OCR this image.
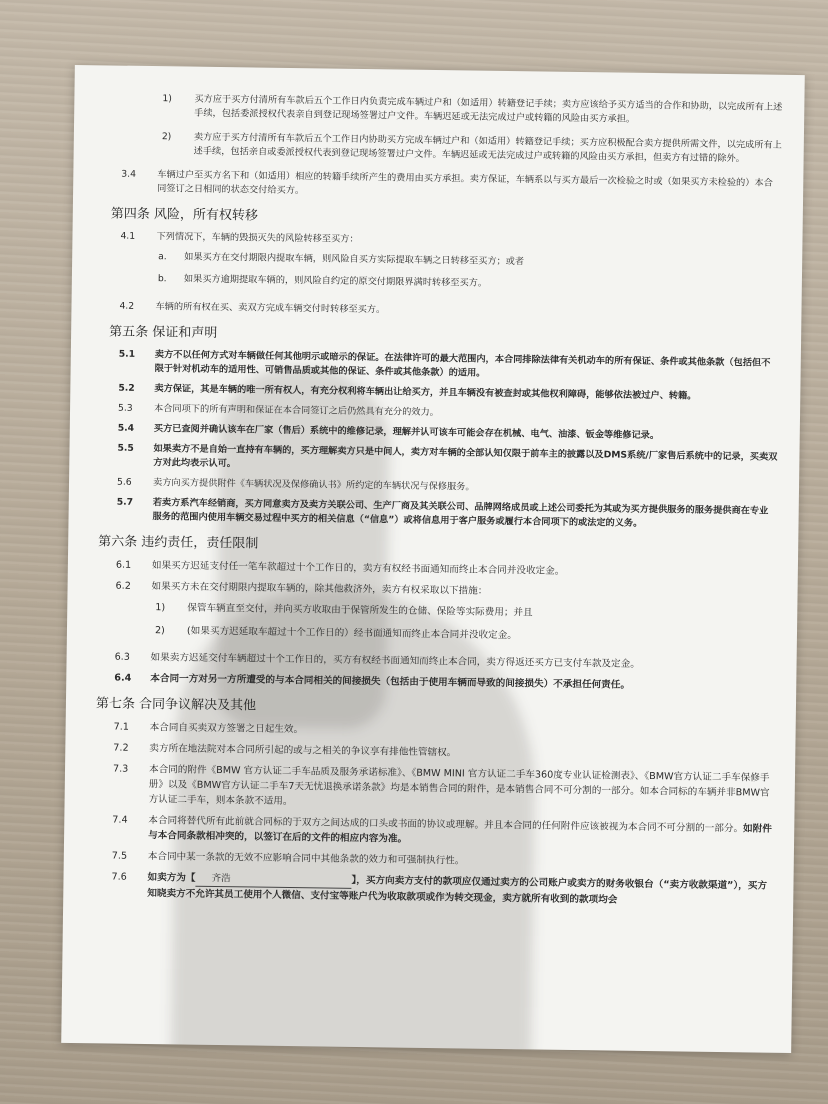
1) 买方应于买方付清所有车款后五个工作日内负责完成车辆过户和（如适用）转籍登记手续；卖方应该给予买方适当的合作和协助，以完成所有上述手续，包括委派授权代表亲自到登记现场签署过户文件。车辆迟延或无法完成过户或转籍的风险由买方承担。
2) 卖方应于买方付清所有车款后五个工作日内协助买方完成车辆过户和（如适用）转籍登记手续；买方应积极配合卖方提供所需文件，以完成所有上述手续，包括亲自或委派授权代表到登记现场签署过户文件。车辆迟延或无法完成过户或转籍的风险由买方承担，但卖方有过错的除外。
3.4 车辆过户至买方名下和（如适用）相应的转籍手续所产生的费用由买方承担。卖方保证，车辆系以与买方最后一次检验之时或（如果买方未检验的）本合同签订之日相同的状态交付给买方。
第四条 风险，所有权转移
4.1 下列情况下，车辆的毁损灭失的风险转移至买方：
a. 如果买方在交付期限内提取车辆，则风险自买方实际提取车辆之日转移至买方；或者
b. 如果买方逾期提取车辆的，则风险自约定的原交付期限界满时转移至买方。
4.2 车辆的所有权在买、卖双方完成车辆交付时转移至买方。
第五条 保证和声明
5.1 卖方不以任何方式对车辆做任何其他明示或暗示的保证。在法律许可的最大范围内，本合同排除法律有关机动车的所有保证、条件或其他条款（包括但不限于针对机动车的适用性、可销售品质或其他的保证、条件或其他条款）的适用。
5.2 卖方保证，其是车辆的唯一所有权人，有充分权利将车辆出让给买方，并且车辆没有被查封或其他权利障碍，能够依法被过户、转籍。
5.3 本合同项下的所有声明和保证在本合同签订之后仍然具有充分的效力。
5.4 买方已查阅并确认该车在厂家（售后）系统中的维修记录，理解并认可该车可能会存在机械、电气、油漆、钣金等维修记录。
5.5 如果卖方不是自始一直持有车辆的，买方理解卖方只是中间人，卖方对车辆的全部认知仅限于前车主的披露以及DMS系统/厂家售后系统中的记录，买卖双方对此均表示认可。
5.6 卖方向买方提供附件《车辆状况及保修确认书》所约定的车辆状况与保修服务。
5.7 若卖方系汽车经销商，买方同意卖方及卖方关联公司、生产厂商及其关联公司、品牌网络成员或上述公司委托为其或为买方提供服务的服务提供商在专业服务的范围内使用车辆交易过程中买方的相关信息（“信息”）或将信息用于客户服务或履行本合同项下的或法定的义务。
第六条 违约责任，责任限制
6.1 如果买方迟延支付任一笔车款超过十个工作日的，卖方有权经书面通知而终止本合同并没收定金。
6.2 如果买方未在交付期限内提取车辆的，除其他救济外，卖方有权采取以下措施：
1) 保管车辆直至交付，并向买方收取由于保管所发生的仓储、保险等实际费用；并且
2) (如果买方迟延取车超过十个工作日的）经书面通知而终止本合同并没收定金。
6.3 如果卖方迟延交付车辆超过十个工作日的，买方有权经书面通知而终止本合同，卖方得返还买方已支付车款及定金。
6.4 本合同一方对另一方所遭受的与本合同相关的间接损失（包括由于使用车辆而导致的间接损失）不承担任何责任。
第七条 合同争议解决及其他
7.1 本合同自买卖双方签署之日起生效。
7.2 卖方所在地法院对本合同所引起的或与之相关的争议享有排他性管辖权。
7.3 本合同的附件《BMW 官方认证二手车品质及服务承诺标准》、《BMW MINI 官方认证二手车360度专业认证检测表》、《BMW官方认证二手车保修手册》以及《BMW官方认证二手车7天无忧退换承诺条款》均是本销售合同的附件，是本销售合同不可分割的一部分。如本合同标的车辆并非BMW官方认证二手车，则本条款不适用。
7.4 本合同将替代所有此前就合同标的于双方之间达成的口头或书面的协议或理解。并且本合同的任何附件应该被视为本合同不可分割的一部分。如附件与本合同条款相冲突的，以签订在后的文件的相应内容为准。
7.5 本合同中某一条款的无效不应影响合同中其他条款的效力和可强制执行性。
7.6 如卖方为【 齐浩	】，买方向卖方支付的款项应仅通过卖方的公司账户或卖方的财务收银台（“卖方收款渠道”），买方知晓卖方不允许其员工使用个人微信、支付宝等账户代为收取款项或作为转交现金，卖方就所有收到的款项均会
